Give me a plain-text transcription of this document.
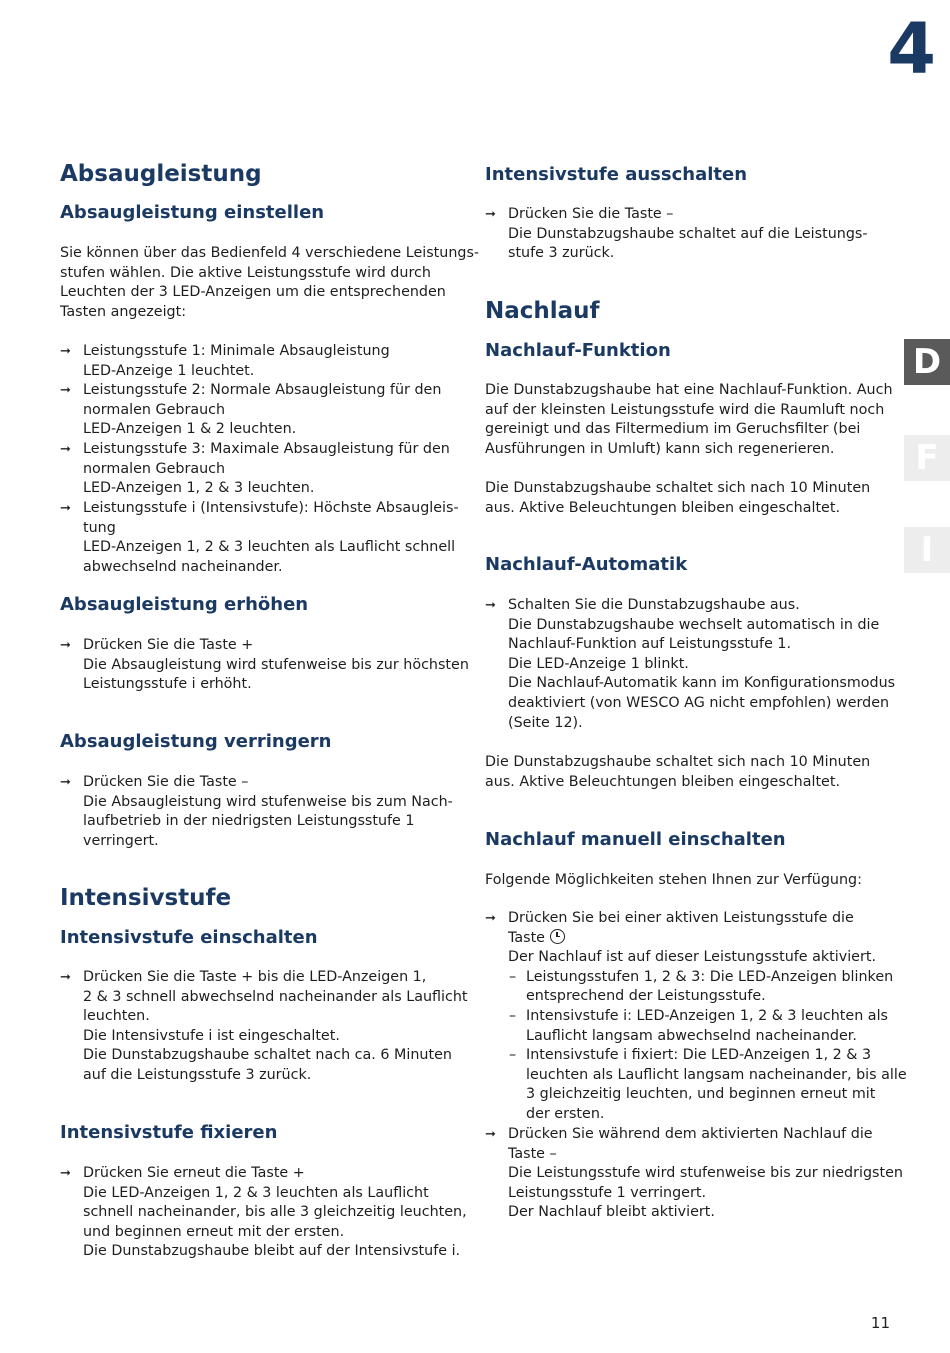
4
Absaugleistung
Absaugleistung einstellen
Sie können über das Bedienfeld 4 verschiedene Leistungs-
stufen wählen. Die aktive Leistungsstufe wird durch
Leuchten der 3 LED-Anzeigen um die entsprechenden
Tasten angezeigt:
➞ Leistungsstufe 1: Minimale Absaugleistung
LED-Anzeige 1 leuchtet.
➞ Leistungsstufe 2: Normale Absaugleistung für den
normalen Gebrauch
LED-Anzeigen 1 & 2 leuchten.
➞ Leistungsstufe 3: Maximale Absaugleistung für den
normalen Gebrauch
LED-Anzeigen 1, 2 & 3 leuchten.
➞ Leistungsstufe i (Intensivstufe): Höchste Absaugleis-
tung
LED-Anzeigen 1, 2 & 3 leuchten als Lauflicht schnell
abwechselnd nacheinander.
Absaugleistung erhöhen
➞ Drücken Sie die Taste +
Die Absaugleistung wird stufenweise bis zur höchsten
Leistungsstufe i erhöht.
Absaugleistung verringern
➞ Drücken Sie die Taste –
Die Absaugleistung wird stufenweise bis zum Nach-
laufbetrieb in der niedrigsten Leistungsstufe 1
verringert.
Intensivstufe
Intensivstufe einschalten
➞ Drücken Sie die Taste + bis die LED-Anzeigen 1,
2 & 3 schnell abwechselnd nacheinander als Lauflicht
leuchten.
Die Intensivstufe i ist eingeschaltet.
Die Dunstabzugshaube schaltet nach ca. 6 Minuten
auf die Leistungsstufe 3 zurück.
Intensivstufe fixieren
➞ Drücken Sie erneut die Taste +
Die LED-Anzeigen 1, 2 & 3 leuchten als Lauflicht
schnell nacheinander, bis alle 3 gleichzeitig leuchten,
und beginnen erneut mit der ersten.
Die Dunstabzugshaube bleibt auf der Intensivstufe i.
Intensivstufe ausschalten
➞ Drücken Sie die Taste –
Die Dunstabzugshaube schaltet auf die Leistungs-
stufe 3 zurück.
Nachlauf
Nachlauf-Funktion
Die Dunstabzugshaube hat eine Nachlauf-Funktion. Auch
auf der kleinsten Leistungsstufe wird die Raumluft noch
gereinigt und das Filtermedium im Geruchsfilter (bei
Ausführungen in Umluft) kann sich regenerieren.
Die Dunstabzugshaube schaltet sich nach 10 Minuten
aus. Aktive Beleuchtungen bleiben eingeschaltet.
Nachlauf-Automatik
➞ Schalten Sie die Dunstabzugshaube aus.
Die Dunstabzugshaube wechselt automatisch in die
Nachlauf-Funktion auf Leistungsstufe 1.
Die LED-Anzeige 1 blinkt.
Die Nachlauf-Automatik kann im Konfigurationsmodus
deaktiviert (von WESCO AG nicht empfohlen) werden
(Seite 12).
Die Dunstabzugshaube schaltet sich nach 10 Minuten
aus. Aktive Beleuchtungen bleiben eingeschaltet.
Nachlauf manuell einschalten
Folgende Möglichkeiten stehen Ihnen zur Verfügung:
➞ Drücken Sie bei einer aktiven Leistungsstufe die
Taste
Der Nachlauf ist auf dieser Leistungsstufe aktiviert.
– Leistungsstufen 1, 2 & 3: Die LED-Anzeigen blinken
entsprechend der Leistungsstufe.
– Intensivstufe i: LED-Anzeigen 1, 2 & 3 leuchten als
Lauflicht langsam abwechselnd nacheinander.
– Intensivstufe i fixiert: Die LED-Anzeigen 1, 2 & 3
leuchten als Lauflicht langsam nacheinander, bis alle
3 gleichzeitig leuchten, und beginnen erneut mit
der ersten.
➞ Drücken Sie während dem aktivierten Nachlauf die
Taste –
Die Leistungsstufe wird stufenweise bis zur niedrigsten
Leistungsstufe 1 verringert.
Der Nachlauf bleibt aktiviert.
D
F
I
11
